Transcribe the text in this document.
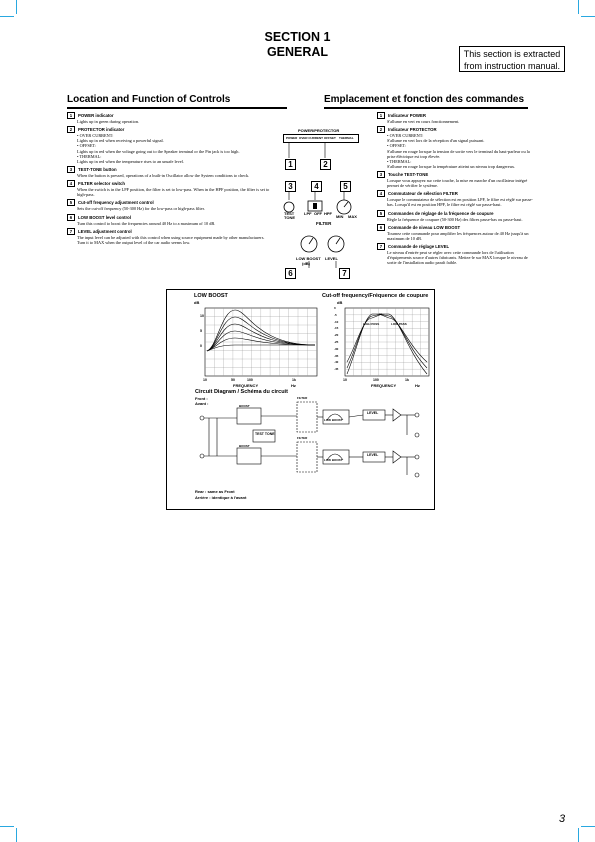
SECTION 1
GENERAL	This section is extracted
from instruction manual.
Location and Function of Controls	Emplacement et fonction des commandes
1 POWER indicator
Lights up in green during operation.
2 PROTECTOR indicator
• OVER CURRENT:
Lights up in red when receiving a powerful signal.
• OFFSET:
Lights up in red when the voltage going out to the Speaker terminal or the Pin jack is too high.
• THERMAL:
Lights up in red when the temperature rises to an unsafe level.
3 TEST-TONE button
When the button is pressed, operations of a built-in Oscillator allow the System conditions to check.
4 FILTER selector switch
When the switch is in the LPF position, the filter is set to low-pass. When in the HPF position, the filter is set to high-pass.
5 Cut-off frequency adjustment control
Sets the cut-off frequency (50-300 Hz) for the low-pass or high-pass filter.
6 LOW BOOST level control
Turn this control to boost the frequencies around 40 Hz to a maximum of 10 dB.
7 LEVEL adjustment control
The input level can be adjusted with this control when using source equipment made by other manufacturers. Turn it to MAX when the output level of the car audio seems low.
1 Indicateur POWER
S'allume en vert en cours fonctionnement.
2 Indicateur PROTECTOR
• OVER CURRENT:
S'allume en vert lors de la réception d'un signal puissant.
• OFFSET:
S'allume en rouge lorsque la tension de sortie vers le terminal du haut-parleur ou la prise éléctrique est trop élevée.
• THERMAL:
S'allume en rouge lorsque la température atteint un niveau trop dangereux.
3 Touche TEST-TONE
Lorsque vous appuyez sur cette touche, la mise en marche d'un oscillateur intégré permet de vérifier le système.
4 Commutateur de sélection FILTER
Lorsque le commutateur de sélection est en position LPF, le filtre est réglé sur passe-bas. Lorsqu'il est en position HPF, le filtre est réglé sur passe-haut.
5 Commandes de réglage de la fréquence de coupure
Règle la fréquence de coupure (50-300 Hz) des filtres passe-bas ou passe-haut.
6 Commande de niveau LOW BOOST
Tournez cette commande pour amplifier les fréquences autour de 40 Hz jusqu'à un maximum de 10 dB.
7 Commande de réglage LEVEL
Le niveau d'entrée peut se régler avec cette commande lors de l'utilisation d'équipements source d'autres fabricants. Mettez-le sur MAX lorsque le niveau de sortie de l'installation audio paraît faible.
POWER/PROTECTOR
POWER OVER CURRENT OFFSET THERMAL
1	2
3	4	5
TEST
TONE
LPF OFF HPF
MIN MAX
FILTER
LOW BOOST
(dB)
LEVEL
6	7
LOW BOOST
dB
Cut-off frequency/Fréquence de coupure
dB
10	50	100	1k
10
5
0
FREQUENCY	Hz
10	100	1k
FREQUENCY	Hz
0
-5
-10
-15
-20
-25
-30
-35
-40
-45
HIGH PASS	LOW PASS
Circuit Diagram / Schéma du circuit
Front :
Avant :
FILTER
FILTER
TEST TONE
BOOST
BOOST
LOW BOOST
LOW BOOST
LEVEL
LEVEL
Rear : same as Front
Arrière : identique à l'avant
3
